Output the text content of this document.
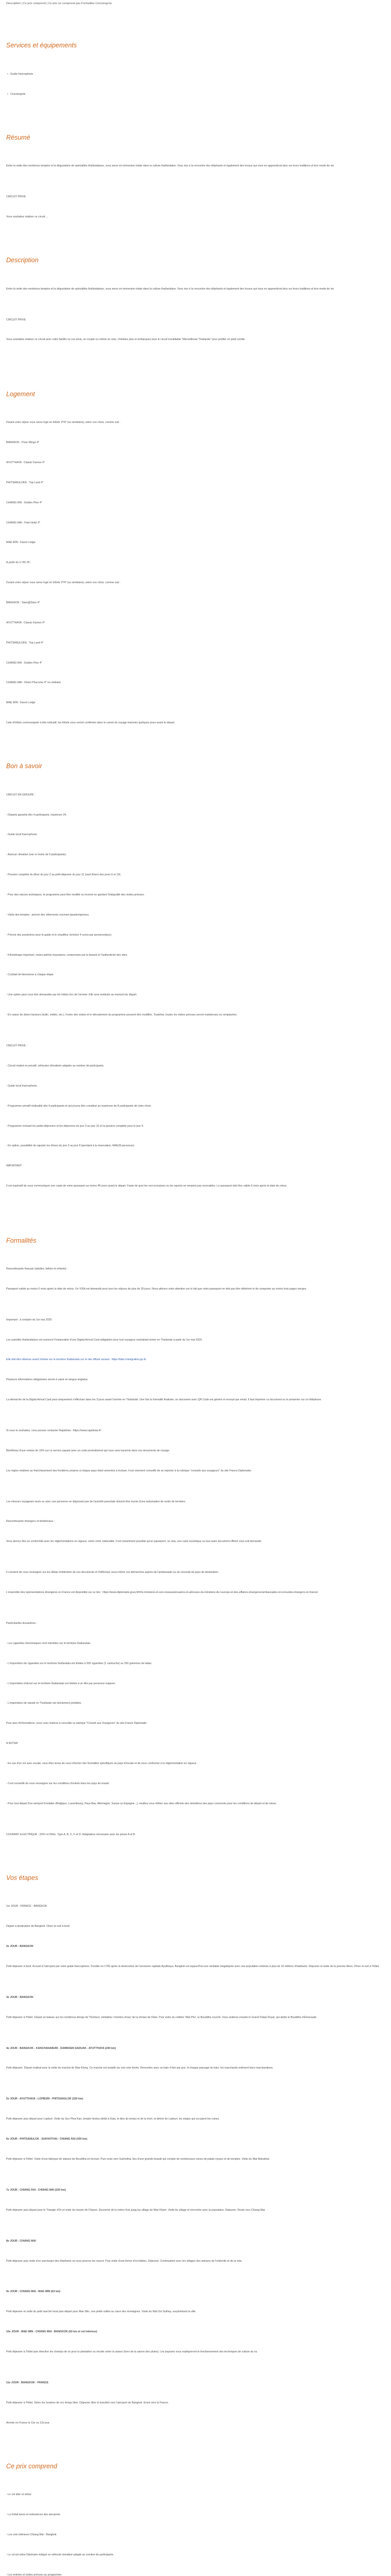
Description | Ce prix comprend | Ce prix ne comprend pas Formalités Conciergerie
Services et équipements
• Guide francophone
• Conciergerie
Résumé
Entre la visite des nombreux temples et la dégustation de spécialités thaïlandaises, vous serez en immersion totale dans la culture thaïlandaise. Vous irez à la rencontre des éléphants et également des locaux qui vous en apprendront plus sur leurs traditions et leur mode de vie.
CIRCUIT PRIVÉ
Vous souhaitez réaliser ce circuit ...
Description
Entre la visite des nombreux temples et la dégustation de spécialités thaïlandaises, vous serez en immersion totale dans la culture thaïlandaise. Vous irez à la rencontre des éléphants et également des locaux qui vous en apprendront plus sur leurs traditions et leur mode de vie.
CIRCUIT PRIVÉ
Vous souhaitez réaliser ce circuit avec votre famille ou vos amis, en couple ou même en solo, n'hésitez plus et embarquez pour le circuit inoubliable "Merveilleuse Thaïlande" pour profiter en petit comité.
Logement
Durant votre séjour vous serez logé en hôtels 3*/4* (ou similaires), selon vos choix, comme suit :
BANGKOK : Pose Wings 4*
AYUTTHAYA : Classic Kameo 4*
PHITSANULOKE : Top Land 4*
CHIANG RAI : Golden Pine 4*
CHIANG MAI : Park Hotel 3*
MAE WIN : Kanot Lodge
À partir du 1/ 05/ 26 :
Durant votre séjour vous serez logé en hôtels 3*/4* (ou similaires), selon vos choix, comme suit :
BANGKOK : Siam@Siam 4*
AYUTTHAYA : Classic Kameo 4*
PHITSANULOKE : Top Land 4*
CHIANG RAI : Golden Pine 4*
CHIANG MAI : Khum Phucome 4* ou similaire
MAE WIN : Kanot Lodge
Liste d'hôtels communiquée à titre indicatif, les hôtels vous seront confirmés dans le carnet de voyage transmis quelques jours avant le départ.
Bon à savoir
CIRCUIT EN GROUPE :
- Départs garantis dès 4 participants, maximum 24.
- Guide local francophone.
- Autocar climatisé (van si moins de 9 participants).
- Pension complète du dîner du jour 2 au petit-déjeuner du jour 11 (sauf dîners des jours 6 et 10).
- Pour des raisons techniques, le programme peut être modifié ou inversé en gardant l'intégralité des visites prévues.
- Visite des temples : prévoir des vêtements couvrant épaules/genoux.
- Prévoir des pourboires pour le guide et le chauffeur (environ 4 euros par personne/jour).
- Kilométrage important, routes parfois mauvaises, comprenant par la beauté et l'authenticité des sites.
- Cocktail de bienvenue à chaque étape.
- Une option peut vous être demandée par les hôtels lors de l'arrivée. Elle sera restituée au moment du départ.
- En raison de divers facteurs (trafic, météo, etc.), l'ordre des visites et le déroulement du programme peuvent être modifiés. Toutefois, toutes les visites prévues seront maintenues ou remplacées.
CIRCUIT PRIVÉ :
- Circuit réalisé en privatif, véhicules climatisés adaptés au nombre de participants.
- Guide local francophone.
- Programme privatif réalisable dès 4 participants et qui pourra être constitué au maximum de 8 participants de votre choix.
- Programme incluant les petits-déjeuners et les déjeuners du jour 3 au jour 10 et la pension complète pour le jour 9.
- En option, possibilité de rajouter les dîners du jour 3 au jour 8 (pendant à la réservation, MAE28 personne).
IMPORTANT :
Il est impératif de nous communiquer une copie de votre passeport au moins 45 jours avant le départ. Faute de quoi les non-inclusions ou les reports ne seraient pas recevables. Le passeport doit être valide 6 mois après la date de retour.
Formalités
Ressortissants français (adultes, bébés et enfants) :
Passeport valide au moins 6 mois après la date de retour. Un VISA est demandé pour tous les séjours de plus de 30 jours. Nous attirons votre attention sur le fait que votre passeport ne doit pas être détérioré et de comporter au moins trois pages vierges.
Important : à compter du 1er mai 2025
Les autorités thaïlandaises ont annoncé l'instauration d'une Digital Arrival Card obligatoire pour tout voyageur souhaitant entrer en Thaïlande à partir du 1er mai 2025.
Elle doit être obtenue avant l'entrée sur le territoire thaïlandais sur le site officiel suivant : https://tdac.immigration.go.th
Plusieurs informations obligatoires seront à saisir en langue anglaise.
La démarche de la Digital Arrival Card peut uniquement s'effectuer dans les 3 jours avant l'arrivée en Thaïlande. Une fois la formalité finalisée, un document avec QR Code est généré et envoyé par email. Il faut imprimer ce document ou le présenter sur un téléphone.
Si vous le souhaitez, vous pouvez contacter Rapidvisa : https://www.rapidvisa.fr/
Bénéficiez d'une remise de 15% sur ce service payant avec un code promotionnel qui vous sera transmis dans vos documents de voyage.
Les règles relatives au franchissement des frontières propres à chaque pays étant amenées à évoluer, il est vivement conseillé de se reporter à la rubrique "conseils aux voyageurs" du site France Diplomatie.
Les mineurs voyageant seuls ou avec une personne ne disposant pas de l'autorité parentale doivent être munis d'une autorisation de sortie de territoire.
Ressortissants étrangers et binationaux :
Vous devrez être en conformité avec les réglementations en vigueur, selon votre nationalité. Il est notamment possible qu'un passeport, un visa, une carte touristique ou tout autre document officiel vous soit demandé.
Il convient de vous renseigner sur les délais d'obtention de ces documents et d'effectuer vous-même vos démarches auprès de l'ambassade ou du consulat du pays de destination.
L'ensemble des représentations étrangères en France est disponible sur ce lien : https://www.diplomatie.gouv.fr/fr/le-ministere-et-son-reseau/annuaires-et-adresses-du-ministere-de-l-europe-et-des-affaires-etrangeres/ambassades-et-consulats-etrangers-en-france/
Particularités douanières :
- Les cigarettes électroniques sont interdites sur le territoire thaïlandais.
- L'importation de cigarettes sur le territoire thaïlandais est limitée à 200 cigarettes (1 cartouche) ou 250 grammes de tabac.
- L'importation d'alcool sur le territoire thaïlandais est limitée à un litre par personne majeure.
- L'importation de viande en Thaïlande est strictement prohibée.
Pour plus d'informations, nous vous invitons à consulter la rubrique "Conseil aux Voyageurs" du site France Diplomatie
A NOTER
- En cas d'un vol avec escale, vous êtes tenus de vous informer des formalités spécifiques au pays d'escale et de vous conformer à la réglementation en vigueur.
- Il est conseillé de vous renseigner sur les conditions d'entrée dans les pays de transit.
- Pour tout départ d'un aéroport frontalier (Belgique, Luxembourg, Pays-Bas, Allemagne, Suisse ou Espagne...), veuillez vous référer aux sites officiels des ministères des pays concernés pour les conditions de départ et de retour.
COURANT ÉLECTRIQUE : 220V et 50Hz. Type A, B, C, F et O. Adaptateur nécessaire pour les prises A et B.
Vos étapes
1er JOUR : FRANCE - BANGKOK
Départ à destination de Bangkok. Dîner et nuit à bord.
2e JOUR : BANGKOK
Petit déjeuner à bord. Accueil à l'aéroport par votre guide francophone. Fondée en 1782 après la destruction de l'ancienne capitale Ayutthaya, Bangkok est aujourd'hui une véritable mégalopole avec une population estimée à plus de 10 millions d'habitants. Déjeuner et visite de la journée libres. Dîner et nuit à l'hôtel.
3e JOUR : BANGKOK
Petit déjeuner à l'hôtel. Départ en bateau sur les nombreux klongs de Thonburi, véritables 'chemins d'eau' de la Venise de l'Asie. Puis visite du célèbre 'Wat Pho', le Bouddha couché. Vous visiterez ensuite le Grand Palais Royal, qui abrite le Bouddha d'Émeraude.
4e JOUR : BANGKOK - KANCHANABURI - DAMNOEN SADUAK - AYUTTHAYA (240 km)
Petit déjeuner. Départ matinal pour la visite du marché de Mae Klong. Ce marché est installé sur une voie ferrée. Rencontre avec un train 4 fois par jour. À chaque passage du train, les marchands enlèvent leurs marchandises.
5e JOUR : AYUTTHAYA - LOPBURI - PHITSANULOK (320 km)
Petit déjeuner puis départ pour Lopburi. Visite du Sun Phra Kan, temple hindou dédié à Kala, le dieu du temps et de la mort, et dérivé de Lopburi, les singes qui occupent les ruines.
6e JOUR : PHITSANULOK - SUKHOTHAI - CHIANG RAI (430 km)
Petit déjeuner à l'hôtel. Visite d'une fabrique de statues de Bouddha en bronze. Puis route vers Sukhothai, lieu d'une grande beauté qui compte de nombreuses ruines de palais royaux et de temples. Visite du Wat Mahathat.
7e JOUR : CHIANG RAI - CHIANG MAI (220 km)
Petit déjeuner puis départ pour le Triangle d'Or et visite du musée de l'Opium. Descente de la rivière Kok jusqu'au village de Mae Kham. Visite du village et rencontre avec la population. Déjeuner. Route vers Chiang Mai.
8e JOUR : CHIANG MAI
Petit déjeuner puis visite d'un sanctuaire des éléphants où vous pourrez les nourrir. Puis visite d'une ferme d'orchidées. Déjeuner. Continuation avec les villages des artisans de l'ombrelle et de la soie.
9e JOUR : CHIANG MAI - MAE WIN (63 km)
Petit déjeuner et visite du petit marché local puis départ pour Mae Win, une petite vallée au cœur des montagnes. Visite du Wat Doi Suthep, surplombant la ville.
10e JOUR : MAE WIN - CHIANG MAI - BANGKOK (63 km et vol intérieur)
Petit déjeuner à l'hôtel puis direction les champs de riz pour la plantation ou récolte selon la saison (hors de la saison des pluies). Les paysans vous expliqueront le fonctionnement des techniques de culture du riz.
11e JOUR : BANGKOK - FRANCE
Petit déjeuner à l'hôtel. Selon les horaires de vol, temps libre. Déjeuner libre et transfert vers l'aéroport de Bangkok. Envol vers la France.
Arrivée en France le 11e ou 12e jour.
Ce prix comprend
- Le vol aller et retour
- La forfait taxes et redevances des aéroports.
- Les vols intérieurs Chiang Mai - Bangkok
- Le circuit selon l'itinéraire indiqué en véhicule climatisé adapté au nombre de participants.
- Les entrées et visites prévues au programme.
